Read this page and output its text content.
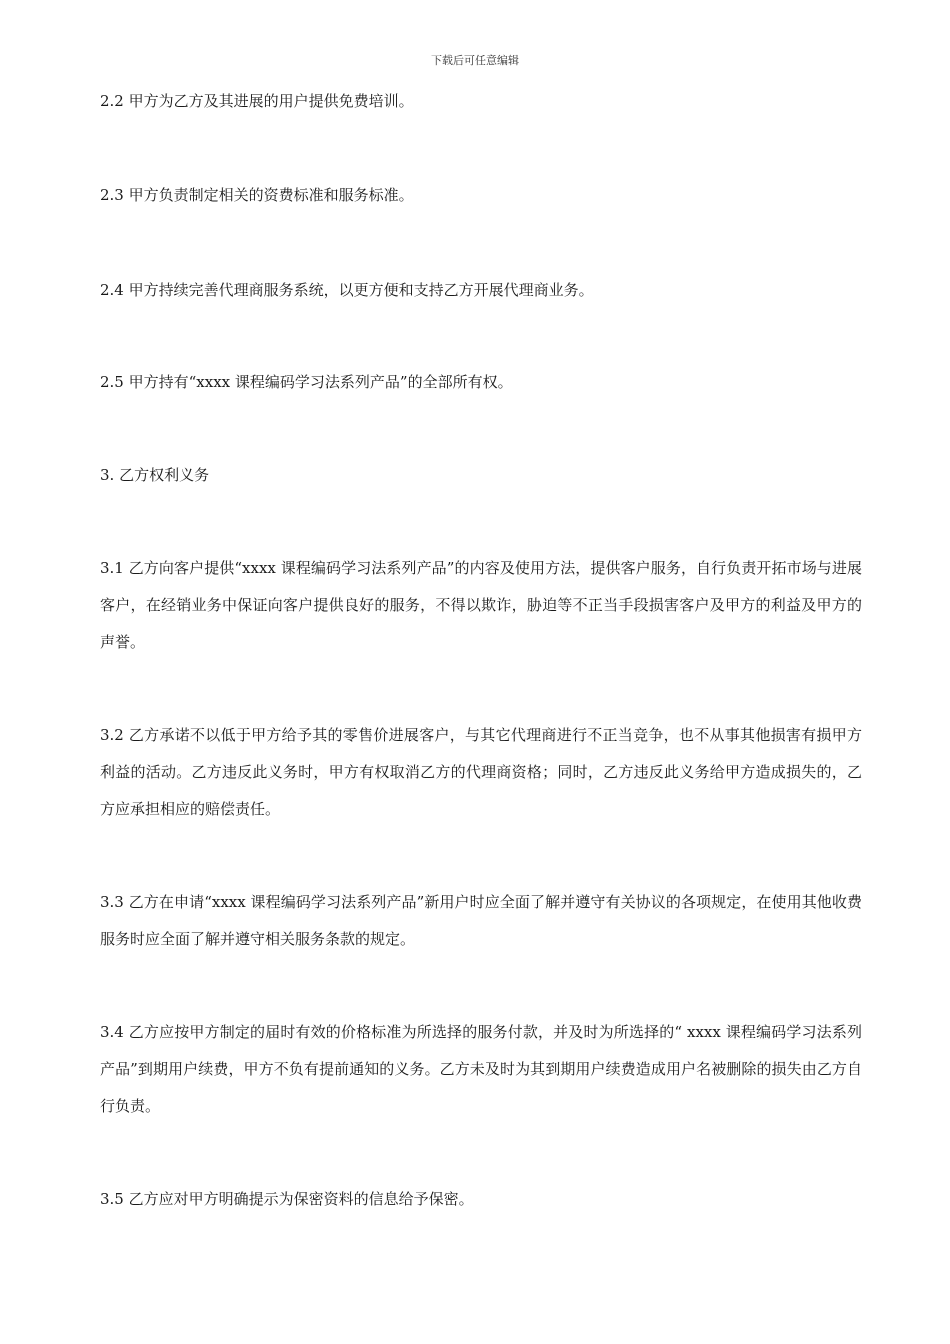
下载后可任意编辑

2.2 甲方为乙方及其进展的用户提供免费培训。

2.3 甲方负责制定相关的资费标准和服务标准。

2.4 甲方持续完善代理商服务系统，以更方便和支持乙方开展代理商业务。

2.5 甲方持有“xxxx 课程编码学习法系列产品”的全部所有权。

3. 乙方权利义务

3.1 乙方向客户提供“xxxx 课程编码学习法系列产品”的内容及使用方法，提供客户服务，自行负责开拓市场与进展客户，在经销业务中保证向客户提供良好的服务，不得以欺诈，胁迫等不正当手段损害客户及甲方的利益及甲方的声誉。

3.2 乙方承诺不以低于甲方给予其的零售价进展客户，与其它代理商进行不正当竞争，也不从事其他损害有损甲方利益的活动。乙方违反此义务时，甲方有权取消乙方的代理商资格；同时，乙方违反此义务给甲方造成损失的，乙方应承担相应的赔偿责任。

3.3 乙方在申请“xxxx 课程编码学习法系列产品”新用户时应全面了解并遵守有关协议的各项规定，在使用其他收费服务时应全面了解并遵守相关服务条款的规定。

3.4 乙方应按甲方制定的届时有效的价格标准为所选择的服务付款，并及时为所选择的“ xxxx 课程编码学习法系列产品”到期用户续费，甲方不负有提前通知的义务。乙方未及时为其到期用户续费造成用户名被删除的损失由乙方自行负责。

3.5 乙方应对甲方明确提示为保密资料的信息给予保密。
